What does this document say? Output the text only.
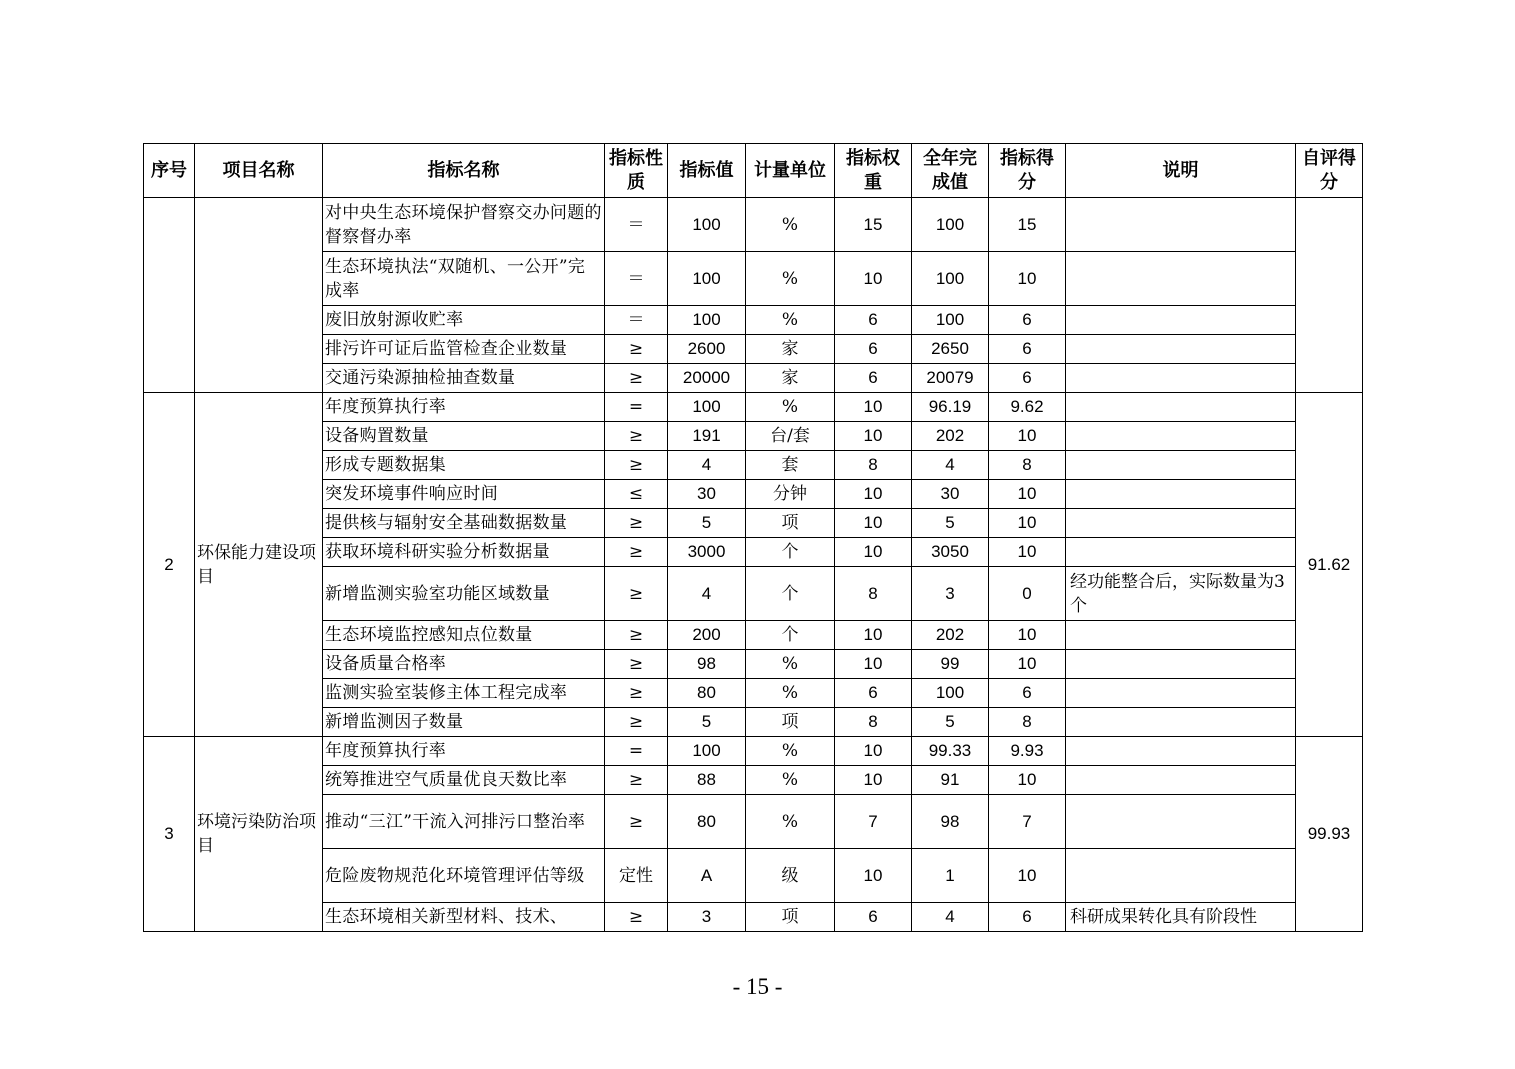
序号	项目名称	指标名称	指标性质	指标值	计量单位	指标权重	全年完成值	指标得分	说明	自评得分
		对中央生态环境保护督察交办问题的督察督办率	＝	100	%	15	100	15		
		生态环境执法“双随机、一公开”完成率	＝	100	%	10	100	10		
		废旧放射源收贮率	＝	100	%	6	100	6		
		排污许可证后监管检查企业数量	≥	2600	家	6	2650	6		
		交通污染源抽检抽查数量	≥	20000	家	6	20079	6		
2	环保能力建设项目	年度预算执行率	=	100	%	10	96.19	9.62		91.62
		设备购置数量	≥	191	台/套	10	202	10		
		形成专题数据集	≥	4	套	8	4	8		
		突发环境事件响应时间	≤	30	分钟	10	30	10		
		提供核与辐射安全基础数据数量	≥	5	项	10	5	10		
		获取环境科研实验分析数据量	≥	3000	个	10	3050	10		
		新增监测实验室功能区域数量	≥	4	个	8	3	0	经功能整合后，实际数量为3个	
		生态环境监控感知点位数量	≥	200	个	10	202	10		
		设备质量合格率	≥	98	%	10	99	10		
		监测实验室装修主体工程完成率	≥	80	%	6	100	6		
		新增监测因子数量	≥	5	项	8	5	8		
3	环境污染防治项目	年度预算执行率	=	100	%	10	99.33	9.93		99.93
		统筹推进空气质量优良天数比率	≥	88	%	10	91	10		
		推动“三江”干流入河排污口整治率	≥	80	%	7	98	7		
		危险废物规范化环境管理评估等级	定性	A	级	10	1	10		
		生态环境相关新型材料、技术、	≥	3	项	6	4	6	科研成果转化具有阶段性	
- 15 -
